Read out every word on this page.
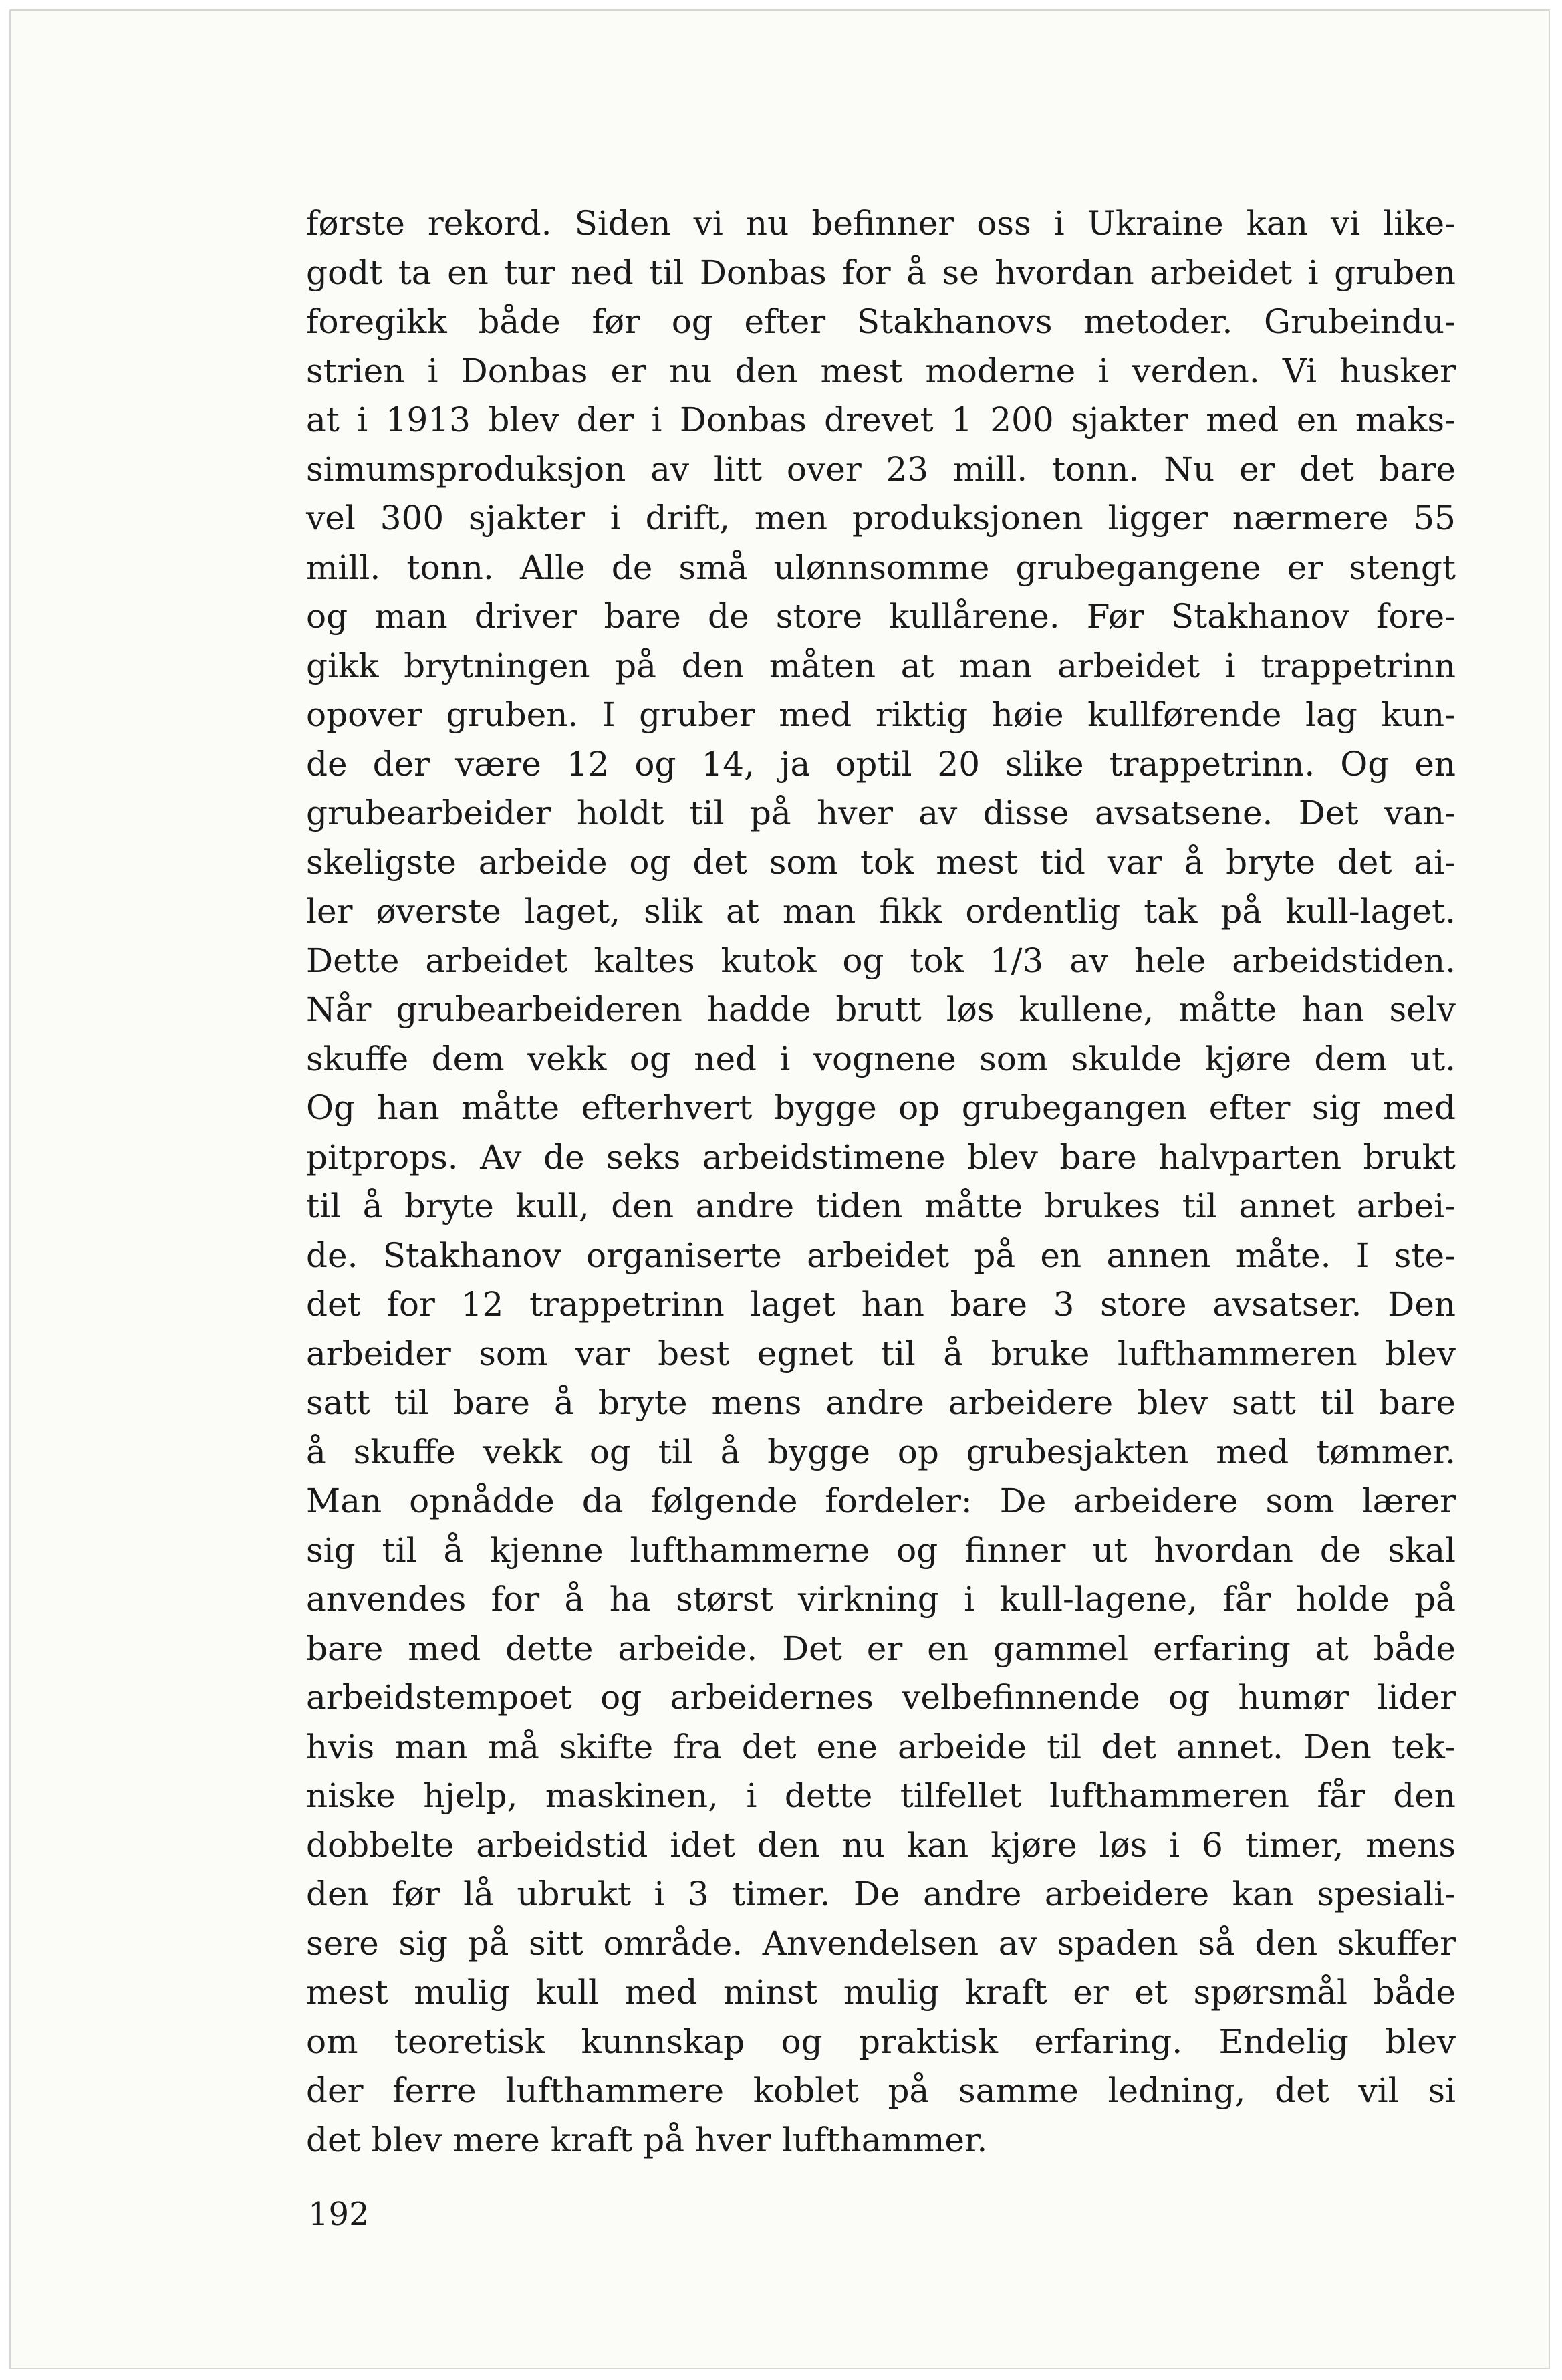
første rekord. Siden vi nu befinner oss i Ukraine kan vi like-
godt ta en tur ned til Donbas for å se hvordan arbeidet i gruben
foregikk både før og efter Stakhanovs metoder. Grubeindu-
strien i Donbas er nu den mest moderne i verden. Vi husker
at i 1913 blev der i Donbas drevet 1 200 sjakter med en maks-
simumsproduksjon av litt over 23 mill. tonn. Nu er det bare
vel 300 sjakter i drift, men produksjonen ligger nærmere 55
mill. tonn. Alle de små ulønnsomme grubegangene er stengt
og man driver bare de store kullårene. Før Stakhanov fore-
gikk brytningen på den måten at man arbeidet i trappetrinn
opover gruben. I gruber med riktig høie kullførende lag kun-
de der være 12 og 14, ja optil 20 slike trappetrinn. Og en
grubearbeider holdt til på hver av disse avsatsene. Det van-
skeligste arbeide og det som tok mest tid var å bryte det ai-
ler øverste laget, slik at man fikk ordentlig tak på kull-laget.
Dette arbeidet kaltes kutok og tok 1/3 av hele arbeidstiden.
Når grubearbeideren hadde brutt løs kullene, måtte han selv
skuffe dem vekk og ned i vognene som skulde kjøre dem ut.
Og han måtte efterhvert bygge op grubegangen efter sig med
pitprops. Av de seks arbeidstimene blev bare halvparten brukt
til å bryte kull, den andre tiden måtte brukes til annet arbei-
de. Stakhanov organiserte arbeidet på en annen måte. I ste-
det for 12 trappetrinn laget han bare 3 store avsatser. Den
arbeider som var best egnet til å bruke lufthammeren blev
satt til bare å bryte mens andre arbeidere blev satt til bare
å skuffe vekk og til å bygge op grubesjakten med tømmer.
Man opnådde da følgende fordeler: De arbeidere som lærer
sig til å kjenne lufthammerne og finner ut hvordan de skal
anvendes for å ha størst virkning i kull-lagene, får holde på
bare med dette arbeide. Det er en gammel erfaring at både
arbeidstempoet og arbeidernes velbefinnende og humør lider
hvis man må skifte fra det ene arbeide til det annet. Den tek-
niske hjelp, maskinen, i dette tilfellet lufthammeren får den
dobbelte arbeidstid idet den nu kan kjøre løs i 6 timer, mens
den før lå ubrukt i 3 timer. De andre arbeidere kan spesiali-
sere sig på sitt område. Anvendelsen av spaden så den skuffer
mest mulig kull med minst mulig kraft er et spørsmål både
om teoretisk kunnskap og praktisk erfaring. Endelig blev
der ferre lufthammere koblet på samme ledning, det vil si
det blev mere kraft på hver lufthammer.
192
